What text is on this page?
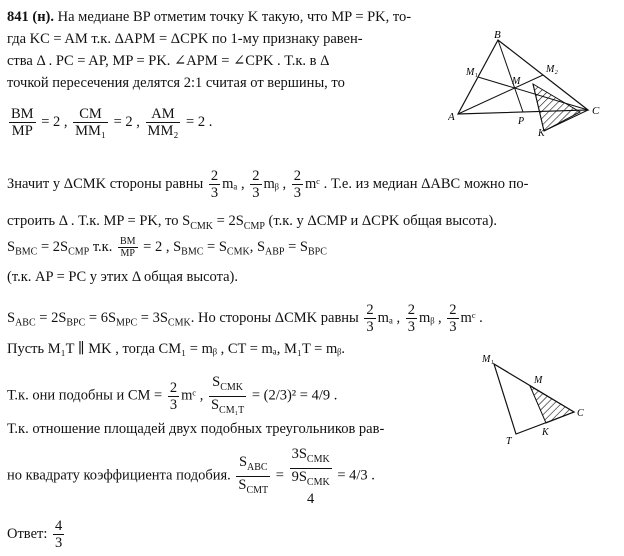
841 (н). На медиане BP отметим точку K такую, что MP = PK, то-
гда KC = AM т.к. ΔAPM = ΔCPK по 1-му признаку равен-
ства Δ . PC = AP, MP = PK. ∠APM = ∠CPK . Т.к. в Δ
точкой пересечения делятся 2:1 считая от вершины, то
$\frac{BM}{MP} = 2$ , $\frac{CM}{\text{MM₁}} = 2$ , $\frac{AM}{\text{MM₂}} = 2$ .
Значит у ΔCMK стороны равны $\frac{2}{3}$ mₐ , $\frac{2}{3}$ mᵦ , $\frac{2}{3}$ mᶜ . Т.е. из медиан ΔABC можно по-
строить Δ . Т.к. MP = PK, то $S_{CMK} = 2S_{CMP}$ (т.к. у ΔCMP и ΔCPK общая высота).
$S_{BMC} = 2S_{CMP}$ т.к. $\frac{BM}{MP} = 2$ , $S_{BMC} = S_{CMK}$, $S_{ABP} = S_{BPC}$
(т.к. AP = PC у этих Δ общая высота).
$S_{ABC} = 2S_{BPC} = 6S_{MPC} = 3S_{CMK}$. Но стороны ΔCMK равны $\frac{2}{3}$ mₐ , $\frac{2}{3}$ mᵦ , $\frac{2}{3}$ mᶜ .
Пусть M₁T ∥ MK , тогда CM₁ = mᵦ , CT = mₐ, M₁T = mᵦ.
Т.к. они подобны и CM = $\frac{2}{3}$ mᶜ , $\frac{S_{CMK}}{S_{CM_1T}} = (2/3)^2 = 4/9$ .
Т.к. отношение площадей двух подобных треугольников рав-
но квадрату коэффициента подобия. $\frac{S_{ABC}}{S_{CMT}}$ =
$3S_{CMK}$
$9S_{CMK}$
4
= 4/3 .
Ответ: $\frac{4}{3}$
B
A	C
M₁	M₂
M
P
K
M₁
M
C
K
T
